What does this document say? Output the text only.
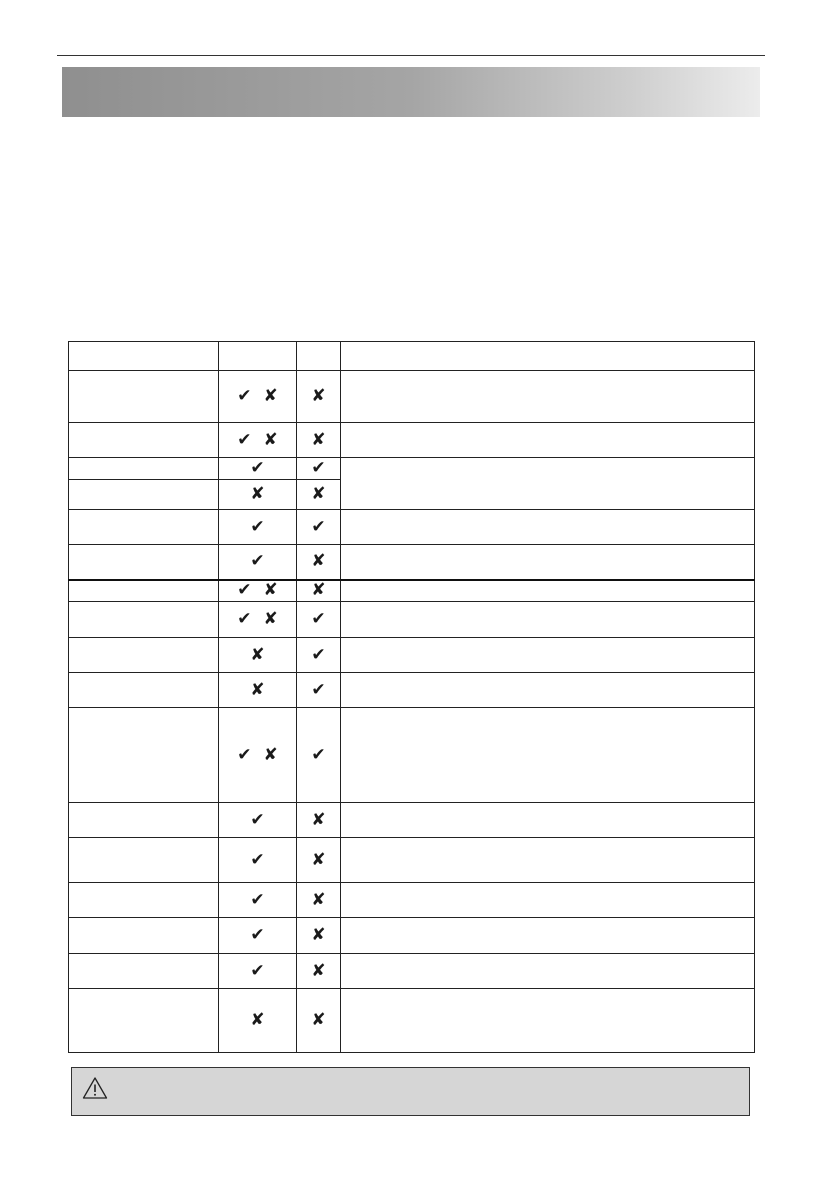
	✔ ✘	✘	
	✔ ✘	✘	
	✔	✔	
	✘	✘	
	✔	✔	
	✔	✘	
	✔ ✘	✘	
	✔ ✘	✔	
	✘	✔	
	✘	✔	
	✔ ✘	✔	
	✔	✘	
	✔	✘	
	✔	✘	
	✔	✘	
	✔	✘	
	✘	✘	
